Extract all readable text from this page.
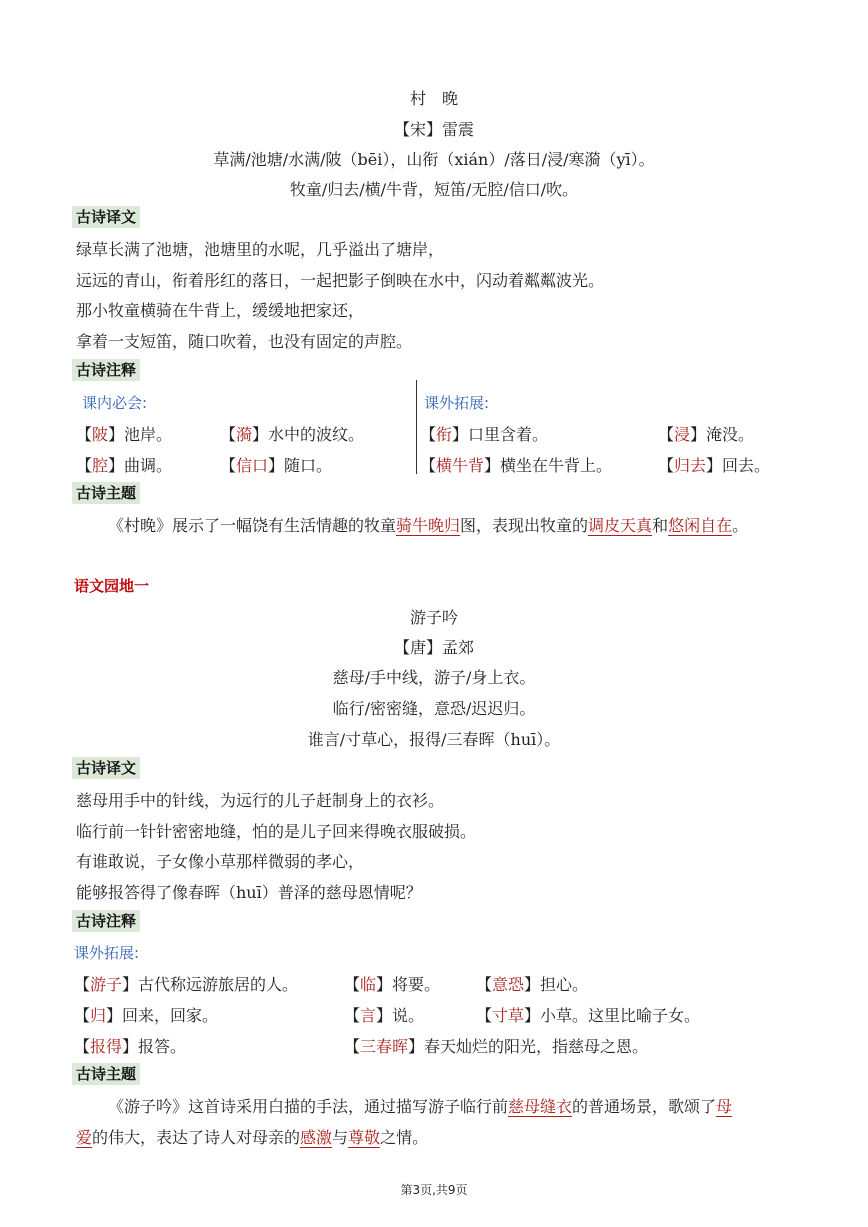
村　晚
【宋】雷震
草满/池塘/水满/陂（bēi），山衔（xián）/落日/浸/寒漪（yī）。
牧童/归去/横/牛背，短笛/无腔/信口/吹。
古诗译文
绿草长满了池塘，池塘里的水呢，几乎溢出了塘岸，
远远的青山，衔着彤红的落日，一起把影子倒映在水中，闪动着粼粼波光。
那小牧童横骑在牛背上，缓缓地把家还，
拿着一支短笛，随口吹着，也没有固定的声腔。
古诗注释
课内必会:	课外拓展:
【陂】池岸。	【漪】水中的波纹。
【腔】曲调。	【信口】随口。
【衔】口里含着。	【浸】淹没。
【横牛背】横坐在牛背上。	【归去】回去。
古诗主题
《村晚》展示了一幅饶有生活情趣的牧童骑牛晚归图，表现出牧童的调皮天真和悠闲自在。
语文园地一
游子吟
【唐】孟郊
慈母/手中线，游子/身上衣。
临行/密密缝，意恐/迟迟归。
谁言/寸草心，报得/三春晖（huī）。
古诗译文
慈母用手中的针线，为远行的儿子赶制身上的衣衫。
临行前一针针密密地缝，怕的是儿子回来得晚衣服破损。
有谁敢说，子女像小草那样微弱的孝心，
能够报答得了像春晖（huī）普泽的慈母恩情呢？
古诗注释
课外拓展:
【游子】古代称远游旅居的人。	【临】将要。 【意恐】担心。
【归】回来，回家。	【言】说。	【寸草】小草。这里比喻子女。
【报得】报答。	【三春晖】春天灿烂的阳光，指慈母之恩。
古诗主题
《游子吟》这首诗采用白描的手法，通过描写游子临行前慈母缝衣的普通场景，歌颂了母
爱的伟大，表达了诗人对母亲的感激与尊敬之情。
第3页,共9页
